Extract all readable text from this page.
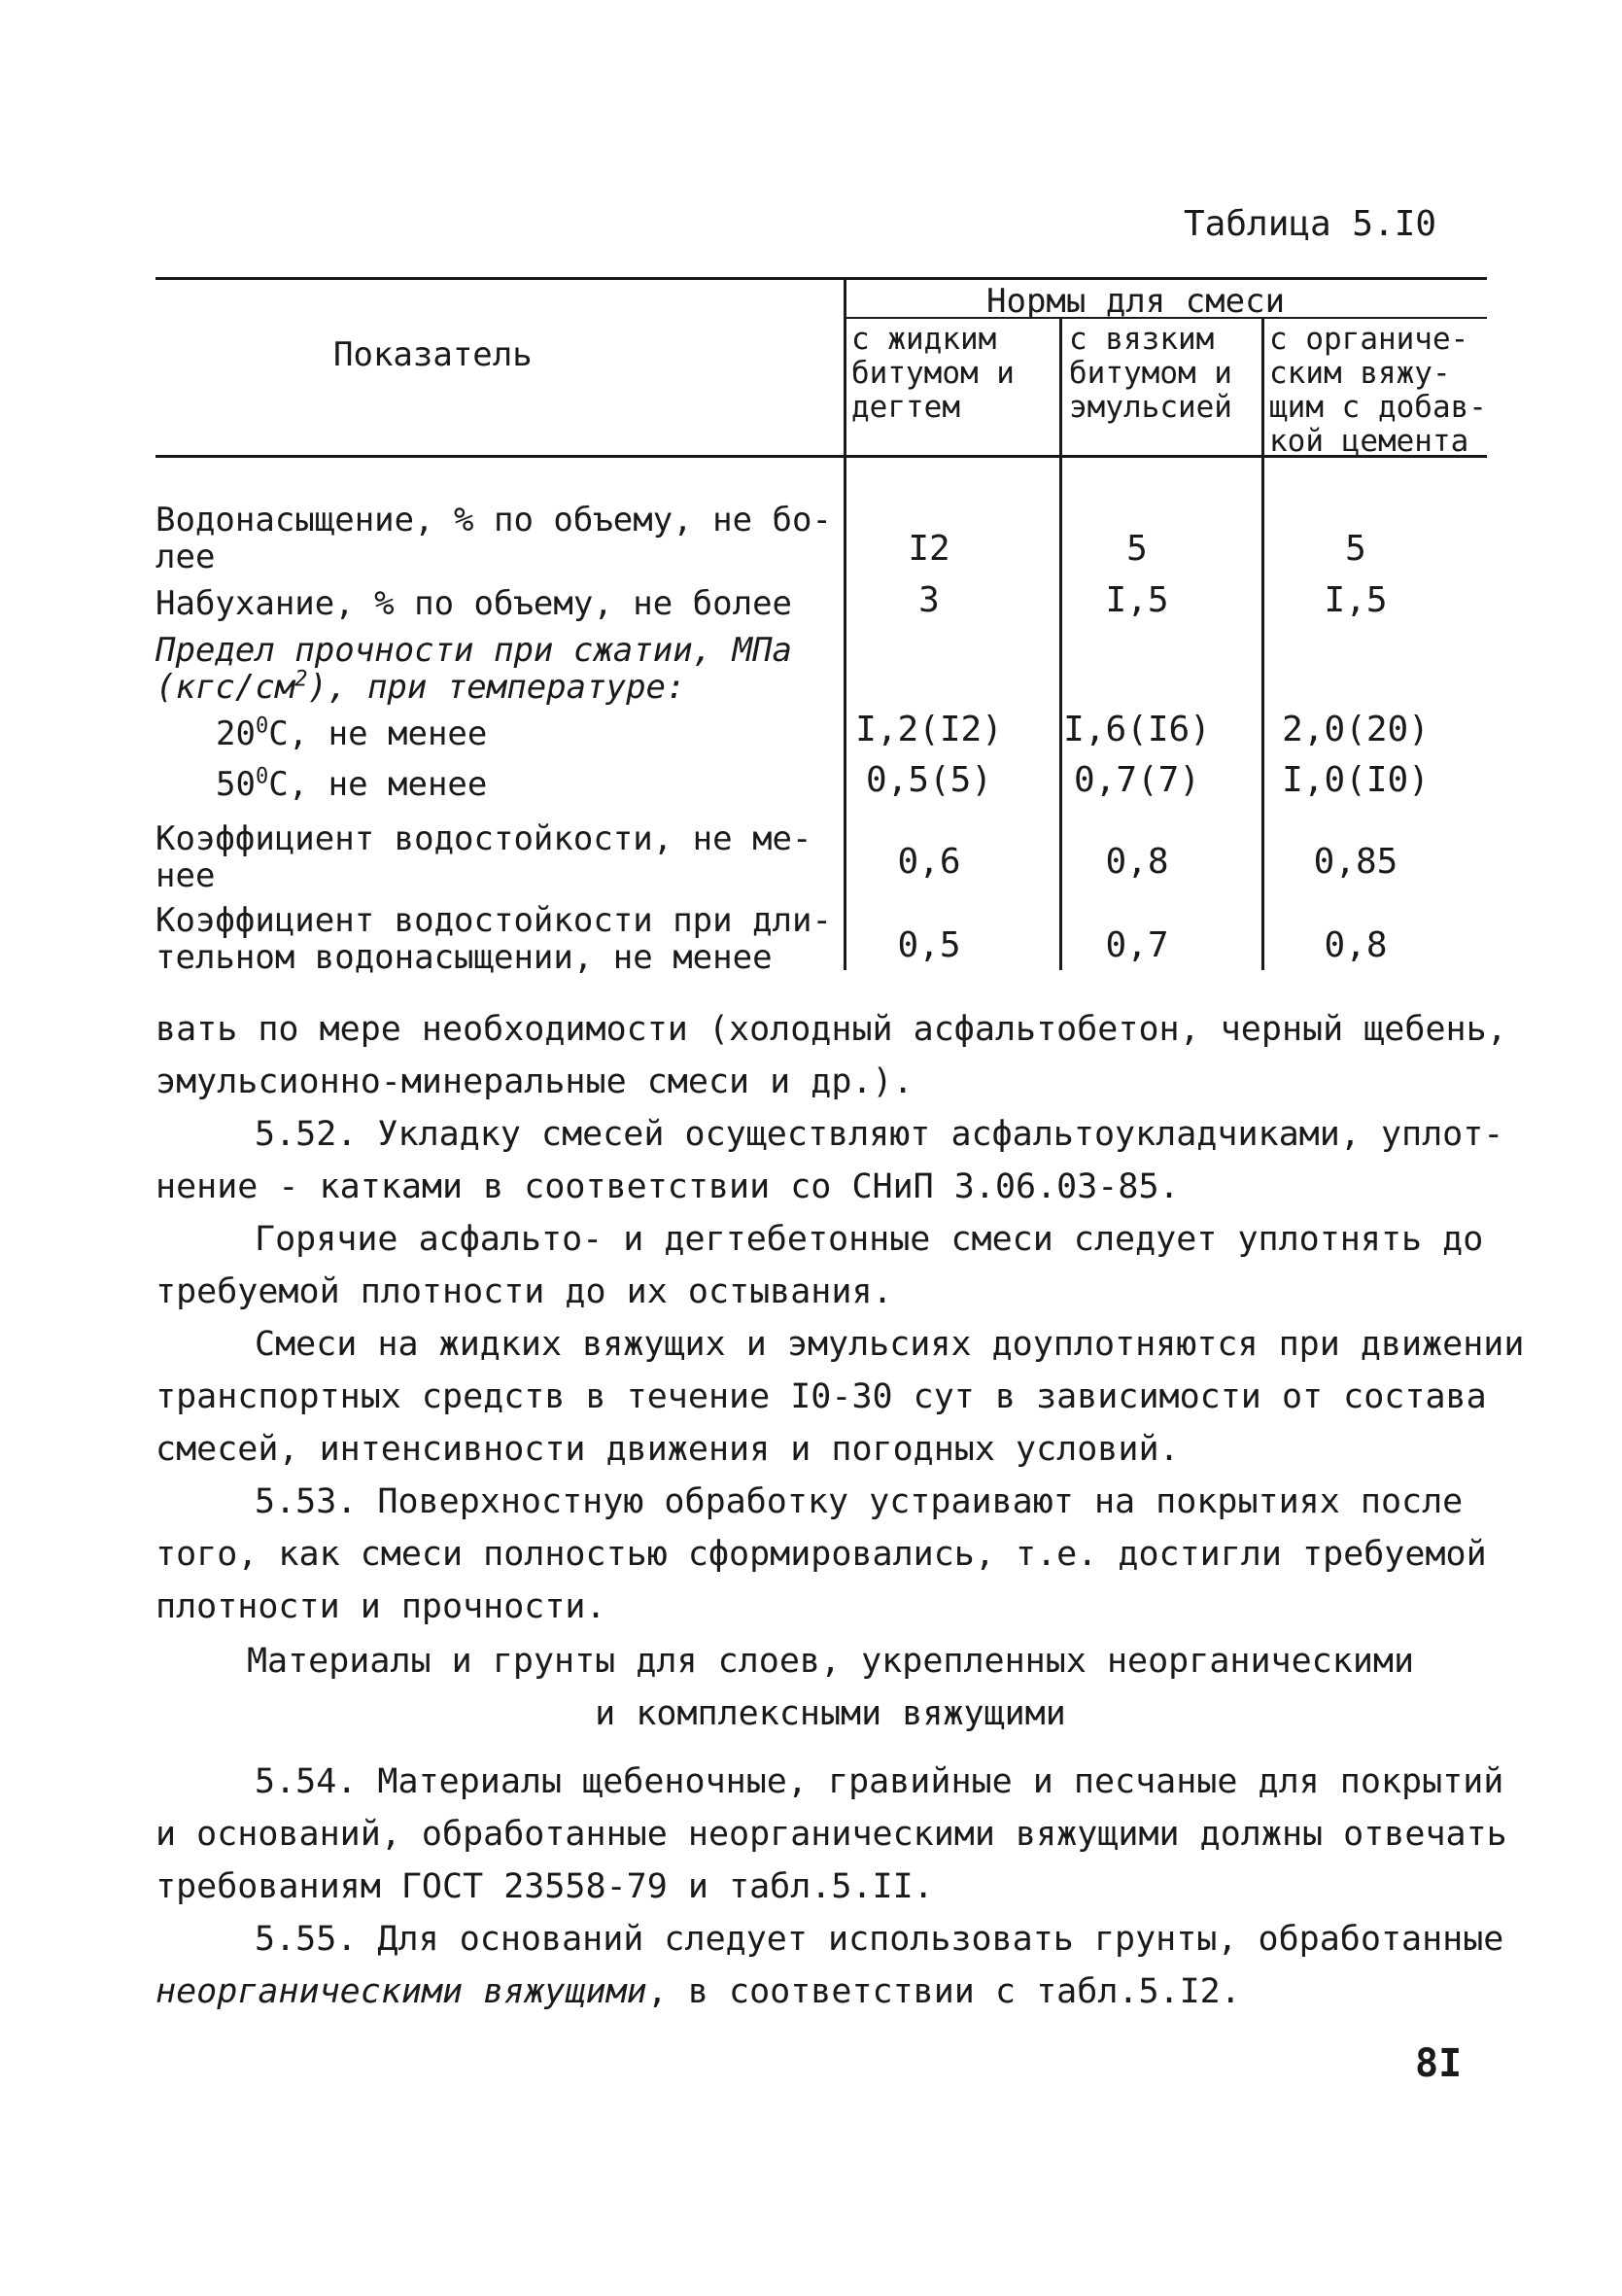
Таблица 5.I0
Показатель
Нормы для смеси
с жидким
битумом и
дегтем
с вязким
битумом и
эмульсией
с органиче-
ским вяжу-
щим с добав-
кой цемента
Водонасыщение, % по объему, не бо-
лее	I2	5	5
Набухание, % по объему, не более	3	I,5	I,5
Предел прочности при сжатии, МПа
$(кгс/см^2)$, при температуре:
$20^0С$, не менее	I,2(I2)	I,6(I6)	2,0(20)
$50^0С$, не менее	0,5(5)	0,7(7)	I,0(I0)
Коэффициент водостойкости, не ме-
нее	0,6	0,8	0,85
Коэффициент водостойкости при дли-
тельном водонасыщении, не менее	0,5	0,7	0,8
вать по мере необходимости (холодный асфальтобетон, черный щебень,
эмульсионно-минеральные смеси и др.).
5.52. Укладку смесей осуществляют асфальтоукладчиками, уплот-
нение - катками в соответствии со СНиП 3.06.03-85.
Горячие асфальто- и дегтебетонные смеси следует уплотнять до
требуемой плотности до их остывания.
Смеси на жидких вяжущих и эмульсиях доуплотняются при движении
транспортных средств в течение I0-30 сут в зависимости от состава
смесей, интенсивности движения и погодных условий.
5.53. Поверхностную обработку устраивают на покрытиях после
того, как смеси полностью сформировались, т.е. достигли требуемой
плотности и прочности.
Материалы и грунты для слоев, укрепленных неорганическими
и комплексными вяжущими
5.54. Материалы щебеночные, гравийные и песчаные для покрытий
и оснований, обработанные неорганическими вяжущими должны отвечать
требованиям ГОСТ 23558-79 и табл.5.II.
5.55. Для оснований следует использовать грунты, обработанные
неорганическими вяжущими, в соответствии с табл.5.I2.
8I
